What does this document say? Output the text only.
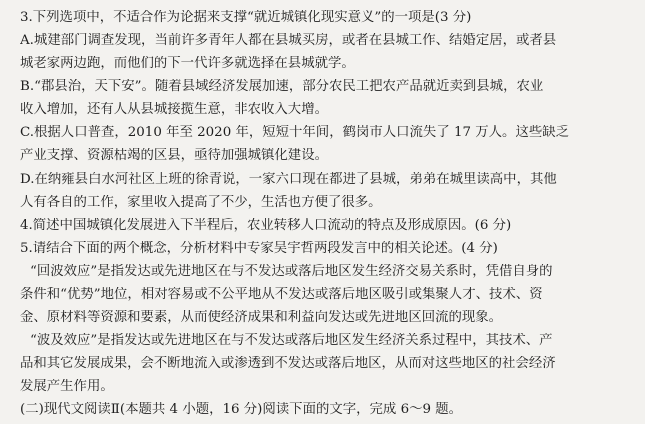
3.下列选项中，不适合作为论据来支撑“就近城镇化现实意义”的一项是(3 分)
A.城建部门调查发现，当前许多青年人都在县城买房，或者在县城工作、结婚定居，或者县
城老家两边跑，而他们的下一代许多就选择在县城就学。
B.“郡县治，天下安”。随着县域经济发展加速，部分农民工把农产品就近卖到县城，农业
收入增加，还有人从县城接揽生意，非农收入大增。
C.根据人口普查，2010 年至 2020 年，短短十年间，鹤岗市人口流失了 17 万人。这些缺乏
产业支撑、资源枯竭的区县，亟待加强城镇化建设。
D.在纳雍县白水河社区上班的徐青说，一家六口现在都进了县城，弟弟在城里读高中，其他
人有各自的工作，家里收入提高了不少，生活也方便了很多。
4.简述中国城镇化发展进入下半程后，农业转移人口流动的特点及形成原因。(6 分)
5.请结合下面的两个概念，分析材料中专家吴宇哲两段发言中的相关论述。(4 分)
“回波效应”是指发达或先进地区在与不发达或落后地区发生经济交易关系时，凭借自身的
条件和“优势”地位，相对容易或不公平地从不发达或落后地区吸引或集聚人才、技术、资
金、原材料等资源和要素，从而使经济成果和利益向发达或先进地区回流的现象。
“波及效应”是指发达或先进地区在与不发达或落后地区发生经济关系过程中，其技术、产
品和其它发展成果，会不断地流入或渗透到不发达或落后地区，从而对这些地区的社会经济
发展产生作用。
(二)现代文阅读Ⅱ(本题共 4 小题，16 分)阅读下面的文字，完成 6～9 题。
